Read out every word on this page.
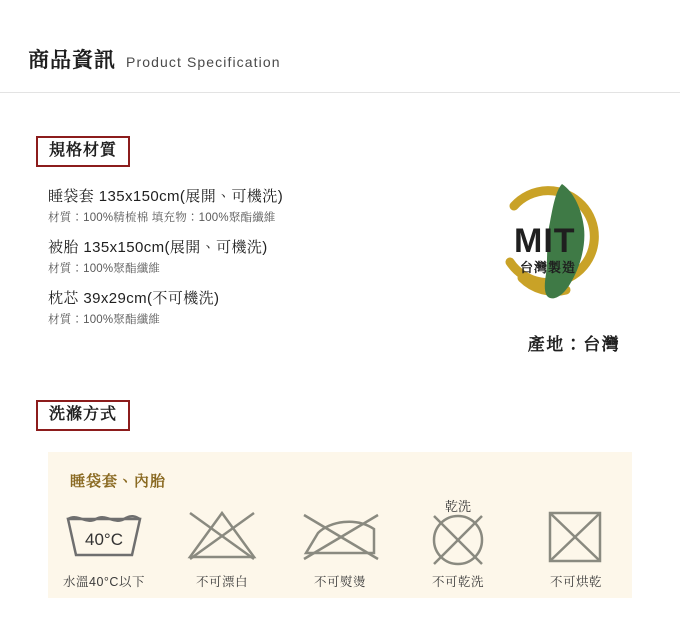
商品資訊 Product Specification
規格材質
睡袋套 135x150cm(展開、可機洗)
材質：100%精梳棉 填充物：100%聚酯纖維
被胎 135x150cm(展開、可機洗)
材質：100%聚酯纖維
枕芯 39x29cm(不可機洗)
材質：100%聚酯纖維
MIT
台灣製造
產地：台灣
洗滌方式
睡袋套、內胎
40°C
水溫40°C以下	不可漂白	不可熨燙
乾洗
不可乾洗	不可烘乾
